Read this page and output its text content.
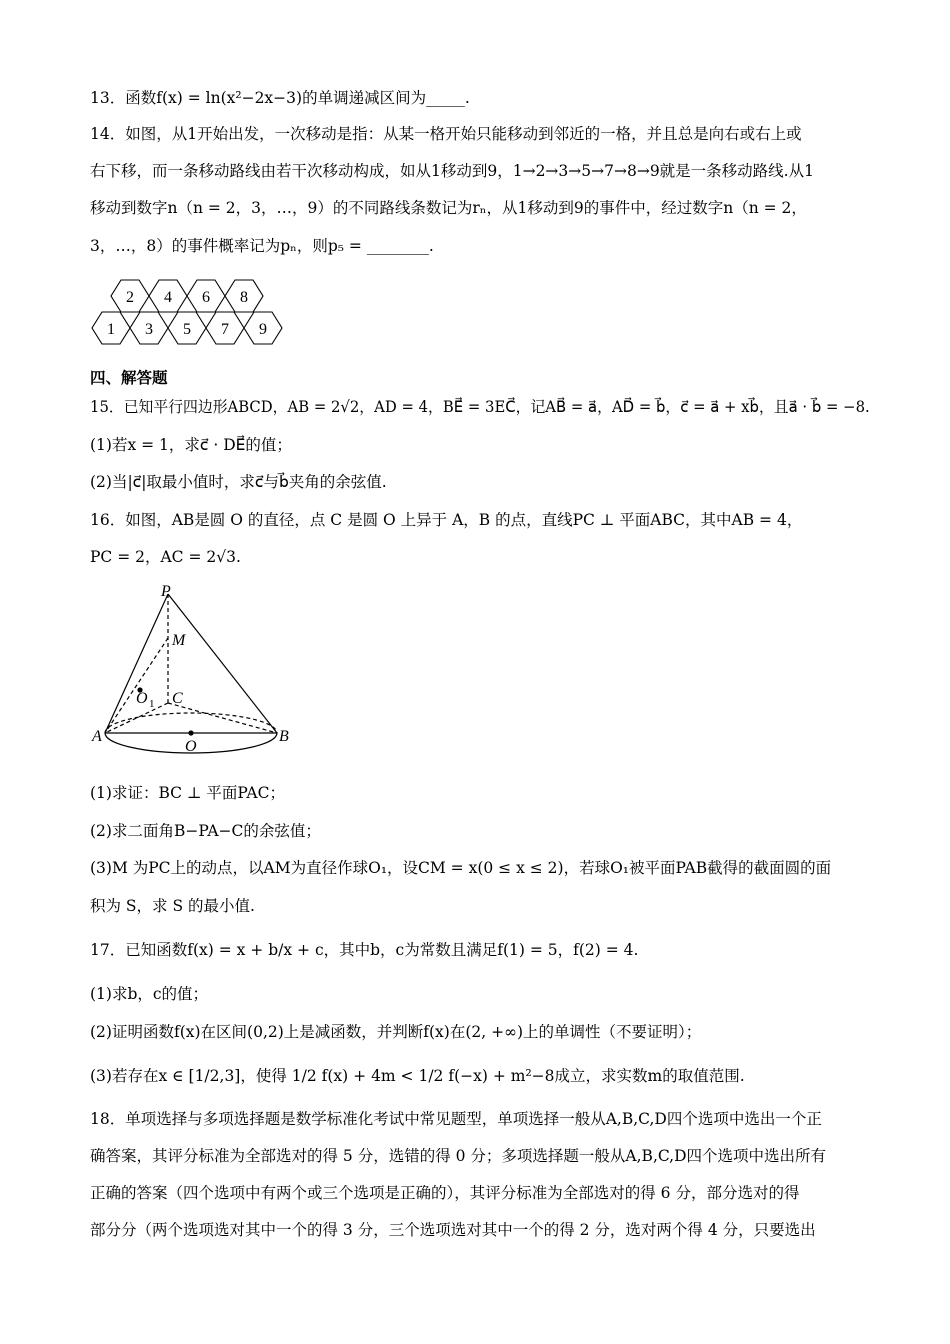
13．函数f(x) = ln(x²−2x−3)的单调递减区间为_____.
14．如图，从1开始出发，一次移动是指：从某一格开始只能移动到邻近的一格，并且总是向右或右上或
右下移，而一条移动路线由若干次移动构成，如从1移动到9，1→2→3→5→7→8→9就是一条移动路线.从1
移动到数字n（n = 2，3，…，9）的不同路线条数记为rₙ，从1移动到9的事件中，经过数字n（n = 2，
3，…，8）的事件概率记为pₙ，则p₅ = ________.
2 4 6 8
1 3 5 7 9
四、解答题
15．已知平行四边形ABCD，AB = 2√2，AD = 4，BE⃗ = 3EC⃗，记AB⃗ = a⃗，AD⃗ = b⃗，c⃗ = a⃗ + xb⃗，且a⃗ · b⃗ = −8.
(1)若x = 1，求c⃗ · DE⃗的值；
(2)当|c⃗|取最小值时，求c⃗与b⃗夹角的余弦值.
16．如图，AB是圆 O 的直径，点 C 是圆 O 上异于 A，B 的点，直线PC ⊥ 平面ABC，其中AB = 4，
PC = 2，AC = 2√3.
P
M
O 1 C
A
O
B
(1)求证：BC ⊥ 平面PAC；
(2)求二面角B−PA−C的余弦值；
(3)M 为PC上的动点，以AM为直径作球O₁，设CM = x(0 ≤ x ≤ 2)，若球O₁被平面PAB截得的截面圆的面
积为 S，求 S 的最小值.
17．已知函数f(x) = x + b/x + c，其中b，c为常数且满足f(1) = 5，f(2) = 4.
(1)求b，c的值；
(2)证明函数f(x)在区间(0,2)上是减函数，并判断f(x)在(2, +∞)上的单调性（不要证明）；
(3)若存在x ∈ [1/2,3]，使得 1/2 f(x) + 4m < 1/2 f(−x) + m²−8成立，求实数m的取值范围.
18．单项选择与多项选择题是数学标准化考试中常见题型，单项选择一般从A,B,C,D四个选项中选出一个正
确答案，其评分标准为全部选对的得 5 分，选错的得 0 分；多项选择题一般从A,B,C,D四个选项中选出所有
正确的答案（四个选项中有两个或三个选项是正确的），其评分标准为全部选对的得 6 分，部分选对的得
部分分（两个选项选对其中一个的得 3 分，三个选项选对其中一个的得 2 分，选对两个得 4 分，只要选出
